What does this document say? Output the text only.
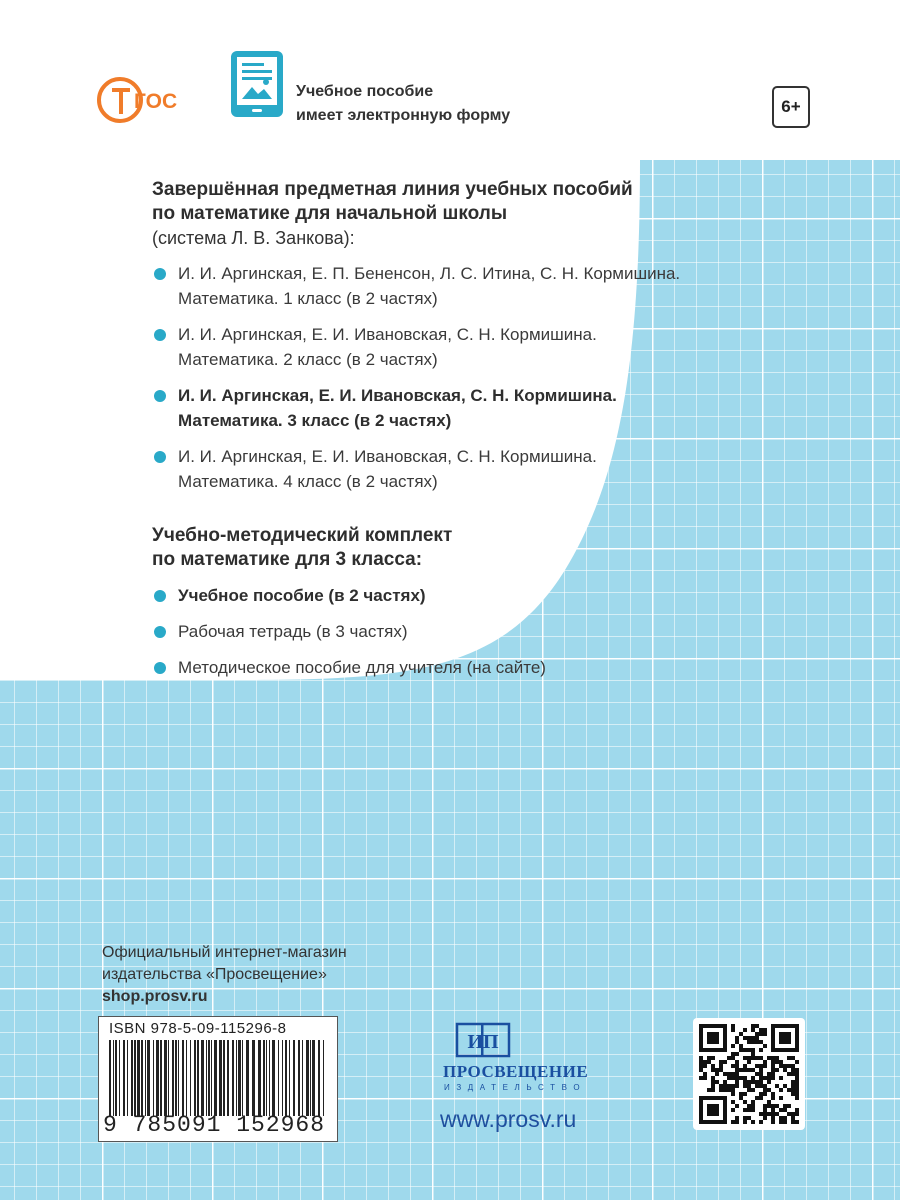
ГОС	Учебное пособие
имеет электронную форму	6+
Завершённая предметная линия учебных пособий
по математике для начальной школы
(система Л. В. Занкова):
И. И. Аргинская, Е. П. Бененсон, Л. С. Итина, С. Н. Кормишина.
Математика. 1 класс (в 2 частях)
И. И. Аргинская, Е. И. Ивановская, С. Н. Кормишина.
Математика. 2 класс (в 2 частях)
И. И. Аргинская, Е. И. Ивановская, С. Н. Кормишина.
Математика. 3 класс (в 2 частях)
И. И. Аргинская, Е. И. Ивановская, С. Н. Кормишина.
Математика. 4 класс (в 2 частях)
Учебно-методический комплект
по математике для 3 класса:
Учебное пособие (в 2 частях)
Рабочая тетрадь (в 3 частях)
Методическое пособие для учителя (на сайте)
Официальный интернет-магазин
издательства «Просвещение»
shop.prosv.ru
ISBN 978-5-09-115296-8
9 785091 152968
ИП
ПРОСВЕЩЕНИЕ
ИЗДАТЕЛЬСТВО
www.prosv.ru
